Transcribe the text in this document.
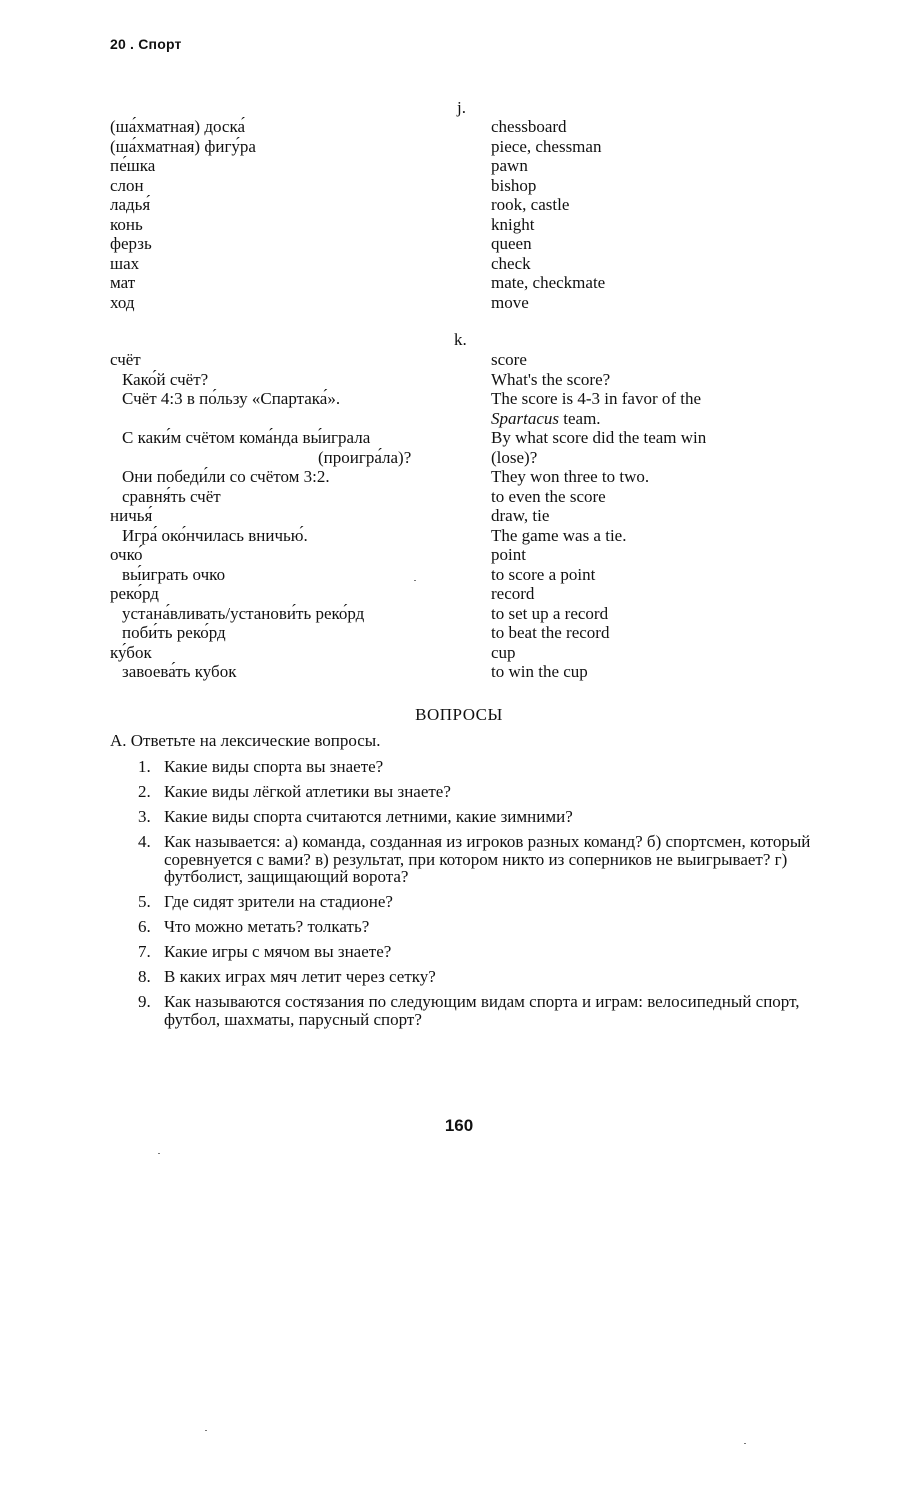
20 . Спорт
j.
(ша́хматная) доска́	chessboard
(ша́хматная) фигу́ра	piece, chessman
пе́шка	pawn
слон	bishop
ладья́	rook, castle
конь	knight
ферзь	queen
шах	check
мат	mate, checkmate
ход	move
k.
счёт	score
Како́й счёт?	What's the score?
Счёт 4:3 в по́льзу «Спартака́».	The score is 4-3 in favor of the
Spartacus team.
С каки́м счётом кома́нда вы́играла	By what score did the team win
(проигра́ла)?	(lose)?
Они победи́ли со счётом 3:2.	They won three to two.
сравня́ть счёт	to even the score
ничья́	draw, tie
Игра́ око́нчилась вничью́.	The game was a tie.
очко́	point
вы́играть очко	to score a point
реко́рд	record
устана́вливать/установи́ть реко́рд	to set up a record
поби́ть реко́рд	to beat the record
ку́бок	cup
завоева́ть кубок	to win the cup
ВОПРОСЫ
А. Ответьте на лексические вопросы.
1. Какие виды спорта вы знаете?
2. Какие виды лёгкой атлетики вы знаете?
3. Какие виды спорта считаются летними, какие зимними?
4. Как называется: а) команда, созданная из игроков разных команд? б) спортсмен, который соревнуется с вами? в) результат, при котором никто из соперников не выигрывает? г) футболист, защищающий ворота?
5. Где сидят зрители на стадионе?
6. Что можно метать? толкать?
7. Какие игры с мячом вы знаете?
8. В каких играх мяч летит через сетку?
9. Как называются состязания по следующим видам спорта и играм: велосипедный спорт, футбол, шахматы, парусный спорт?
160
